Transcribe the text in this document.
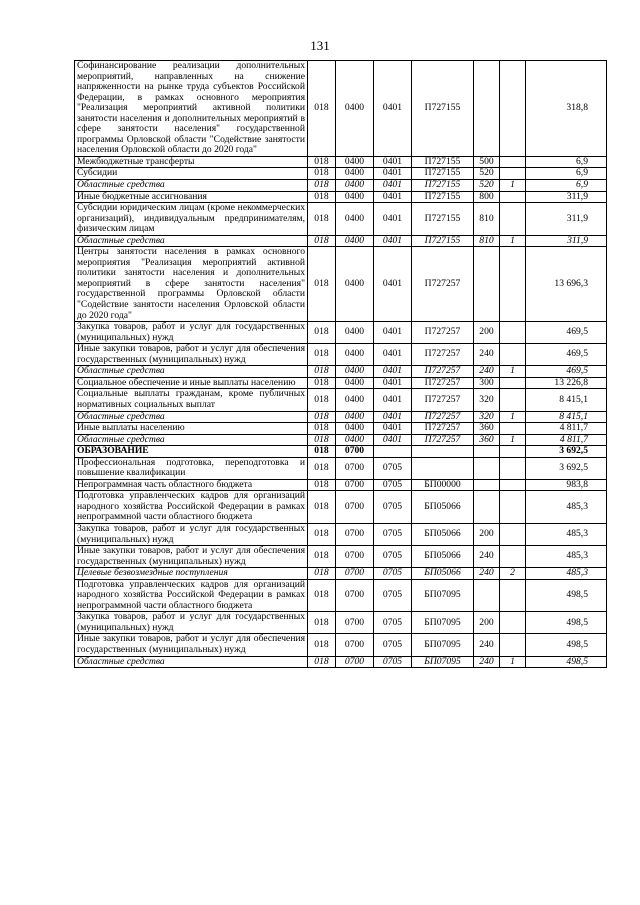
131
Софинансирование реализации дополнительных мероприятий, направленных на снижение напряженности на рынке труда субъектов Российской Федерации, в рамках основного мероприятия "Реализация мероприятий активной политики занятости населения и дополнительных мероприятий в сфере занятости населения" государственной программы Орловской области "Содействие занятости населения Орловской области до 2020 года"	018	0400	0401	П727155			318,8
Межбюджетные трансферты	018	0400	0401	П727155	500		6,9
Субсидии	018	0400	0401	П727155	520		6,9
Областные средства	018	0400	0401	П727155	520	1	6,9
Иные бюджетные ассигнования	018	0400	0401	П727155	800		311,9
Субсидии юридическим лицам (кроме некоммерческих организаций), индивидуальным предпринимателям, физическим лицам	018	0400	0401	П727155	810		311,9
Областные средства	018	0400	0401	П727155	810	1	311,9
Центры занятости населения в рамках основного мероприятия "Реализация мероприятий активной политики занятости населения и дополнительных мероприятий в сфере занятости населения" государственной программы Орловской области "Содействие занятости населения Орловской области до 2020 года"	018	0400	0401	П727257			13 696,3
Закупка товаров, работ и услуг для государственных (муниципальных) нужд	018	0400	0401	П727257	200		469,5
Иные закупки товаров, работ и услуг для обеспечения государственных (муниципальных) нужд	018	0400	0401	П727257	240		469,5
Областные средства	018	0400	0401	П727257	240	1	469,5
Социальное обеспечение и иные выплаты населению	018	0400	0401	П727257	300		13 226,8
Социальные выплаты гражданам, кроме публичных нормативных социальных выплат	018	0400	0401	П727257	320		8 415,1
Областные средства	018	0400	0401	П727257	320	1	8 415,1
Иные выплаты населению	018	0400	0401	П727257	360		4 811,7
Областные средства	018	0400	0401	П727257	360	1	4 811,7
ОБРАЗОВАНИЕ	018	0700					3 692,5
Профессиональная подготовка, переподготовка и повышение квалификации	018	0700	0705				3 692,5
Непрограммная часть областного бюджета	018	0700	0705	БП00000			983,8
Подготовка управленческих кадров для организаций народного хозяйства Российской Федерации в рамках непрограммной части областного бюджета	018	0700	0705	БП05066			485,3
Закупка товаров, работ и услуг для государственных (муниципальных) нужд	018	0700	0705	БП05066	200		485,3
Иные закупки товаров, работ и услуг для обеспечения государственных (муниципальных) нужд	018	0700	0705	БП05066	240		485,3
Целевые безвозмездные поступления	018	0700	0705	БП05066	240	2	485,3
Подготовка управленческих кадров для организаций народного хозяйства Российской Федерации в рамках непрограммной части областного бюджета	018	0700	0705	БП07095			498,5
Закупка товаров, работ и услуг для государственных (муниципальных) нужд	018	0700	0705	БП07095	200		498,5
Иные закупки товаров, работ и услуг для обеспечения государственных (муниципальных) нужд	018	0700	0705	БП07095	240		498,5
Областные средства	018	0700	0705	БП07095	240	1	498,5
